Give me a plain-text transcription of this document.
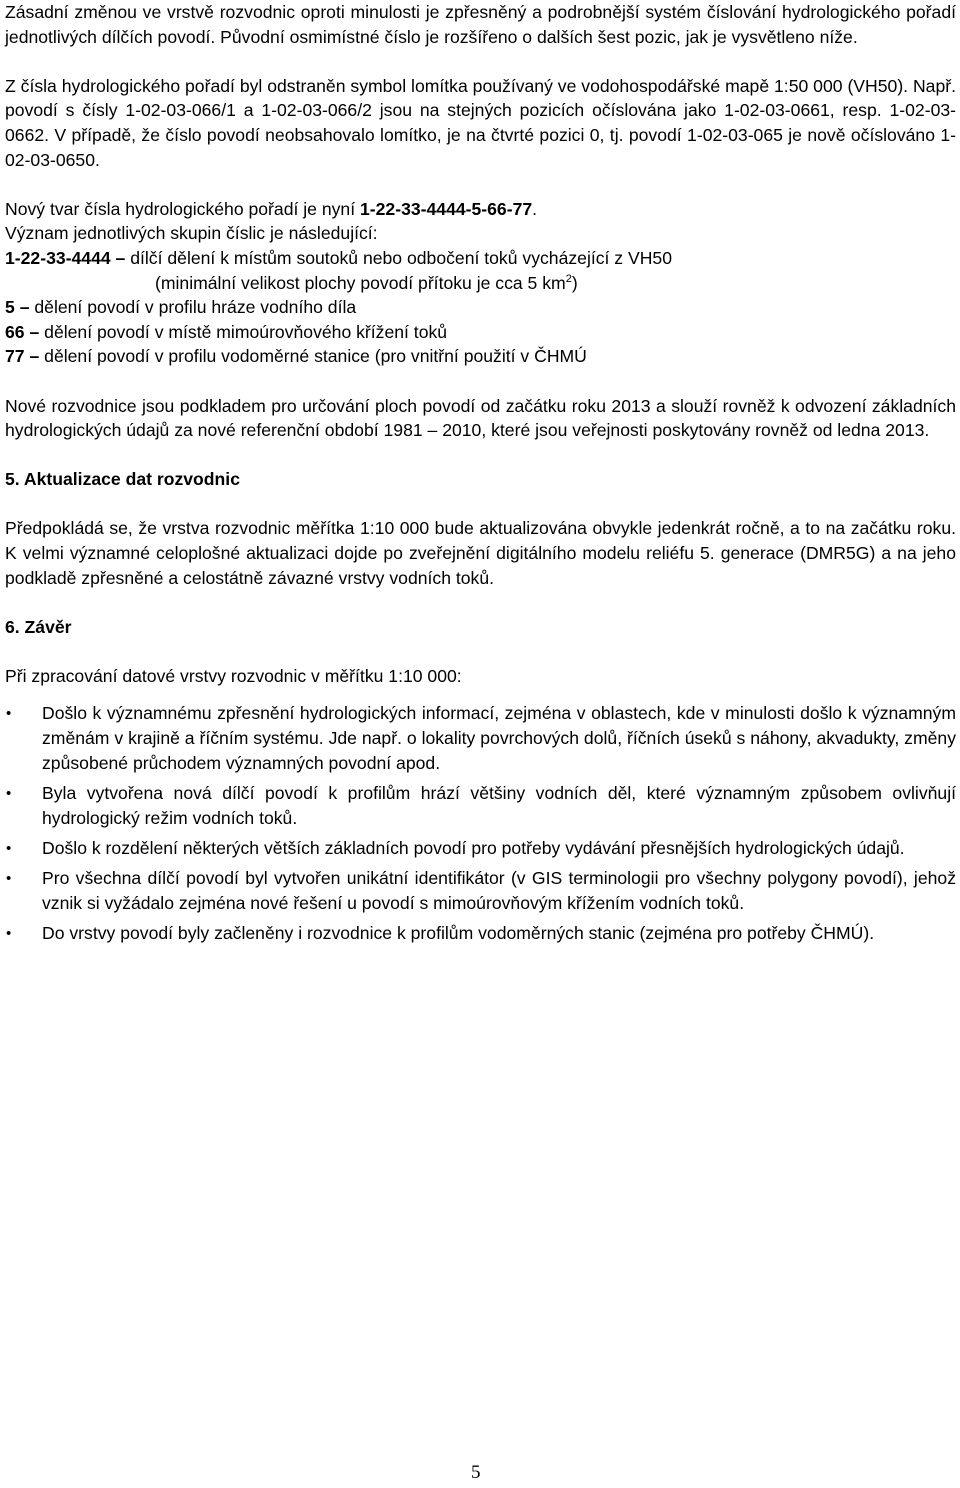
Zásadní změnou ve vrstvě rozvodnic oproti minulosti je zpřesněný a podrobnější systém číslování hydrologického pořadí jednotlivých dílčích povodí. Původní osmimístné číslo je rozšířeno o dalších šest pozic, jak je vysvětleno níže.

Z čísla hydrologického pořadí byl odstraněn symbol lomítka používaný ve vodohospodářské mapě 1:50 000 (VH50). Např. povodí s čísly 1-02-03-066/1 a 1-02-03-066/2 jsou na stejných pozicích očíslována jako 1-02-03-0661, resp. 1-02-03-0662. V případě, že číslo povodí neobsahovalo lomítko, je na čtvrté pozici 0, tj. povodí 1-02-03-065 je nově očíslováno 1-02-03-0650.

Nový tvar čísla hydrologického pořadí je nyní 1-22-33-4444-5-66-77.

Význam jednotlivých skupin číslic je následující:

1-22-33-4444 – dílčí dělení k místům soutoků nebo odbočení toků vycházející z VH50
(minimální velikost plochy povodí přítoku je cca 5 $km^2$)

5 – dělení povodí v profilu hráze vodního díla

66 – dělení povodí v místě mimoúrovňového křížení toků

77 – dělení povodí v profilu vodoměrné stanice (pro vnitřní použití v ČHMÚ

Nové rozvodnice jsou podkladem pro určování ploch povodí od začátku roku 2013 a slouží rovněž k odvození základních hydrologických údajů za nové referenční období 1981 – 2010, které jsou veřejnosti poskytovány rovněž od ledna 2013.

5. Aktualizace dat rozvodnic

Předpokládá se, že vrstva rozvodnic měřítka 1:10 000 bude aktualizována obvykle jedenkrát ročně, a to na začátku roku. K velmi významné celoplošné aktualizaci dojde po zveřejnění digitálního modelu reliéfu 5. generace (DMR5G) a na jeho podkladě zpřesněné a celostátně závazné vrstvy vodních toků.

6. Závěr

Při zpracování datové vrstvy rozvodnic v měřítku 1:10 000:

• Došlo k významnému zpřesnění hydrologických informací, zejména v oblastech, kde v minulosti došlo k významným změnám v krajině a říčním systému. Jde např. o lokality povrchových dolů, říčních úseků s náhony, akvadukty, změny způsobené průchodem významných povodní apod.
• Byla vytvořena nová dílčí povodí k profilům hrází většiny vodních děl, které významným způsobem ovlivňují hydrologický režim vodních toků.
• Došlo k rozdělení některých větších základních povodí pro potřeby vydávání přesnějších hydrologických údajů.
• Pro všechna dílčí povodí byl vytvořen unikátní identifikátor (v GIS terminologii pro všechny polygony povodí), jehož vznik si vyžádalo zejména nové řešení u povodí s mimoúrovňovým křížením vodních toků.
• Do vrstvy povodí byly začleněny i rozvodnice k profilům vodoměrných stanic (zejména pro potřeby ČHMÚ).
5
